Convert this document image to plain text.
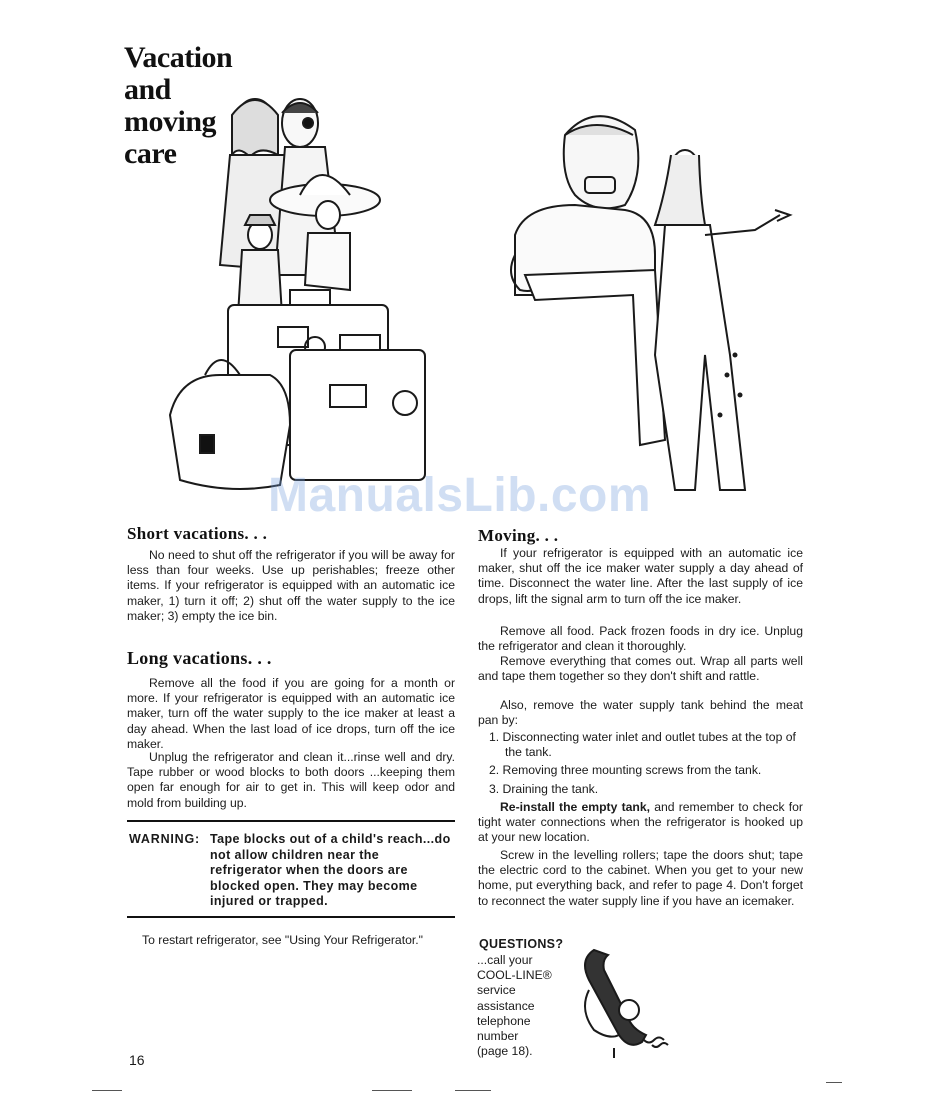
Vacation
and
moving
care
ManualsLib.com
Short vacations. . .

No need to shut off the refrigerator if you will be away for less than four weeks. Use up perishables; freeze other items. If your refrigerator is equipped with an automatic ice maker, 1) turn it off; 2) shut off the water supply to the ice maker; 3) empty the ice bin.

Long vacations. . .

Remove all the food if you are going for a month or more. If your refrigerator is equipped with an automatic ice maker, turn off the water supply to the ice maker at least a day ahead. When the last load of ice drops, turn off the ice maker.

Unplug the refrigerator and clean it...rinse well and dry. Tape rubber or wood blocks to both doors ...keeping them open far enough for air to get in. This will keep odor and mold from building up.

WARNING: Tape blocks out of a child's reach...do not allow children near the refrigerator when the doors are blocked open. They may become injured or trapped.
To restart refrigerator, see "Using Your Refrigerator."
16
Moving. . .

If your refrigerator is equipped with an automatic ice maker, shut off the ice maker water supply a day ahead of time. Disconnect the water line. After the last supply of ice drops, lift the signal arm to turn off the ice maker.

Remove all food. Pack frozen foods in dry ice. Unplug the refrigerator and clean it thoroughly.

Remove everything that comes out. Wrap all parts well and tape them together so they don't shift and rattle.

Also, remove the water supply tank behind the meat pan by:

1. Disconnecting water inlet and outlet tubes at the top of the tank.
2. Removing three mounting screws from the tank.
3. Draining the tank.

Re-install the empty tank, and remember to check for tight water connections when the refrigerator is hooked up at your new location.

Screw in the levelling rollers; tape the doors shut; tape the electric cord to the cabinet. When you get to your new home, put everything back, and refer to page 4. Don't forget to reconnect the water supply line if you have an icemaker.

QUESTIONS?
...call your
COOL-LINE®
service
assistance
telephone
number
(page 18).
